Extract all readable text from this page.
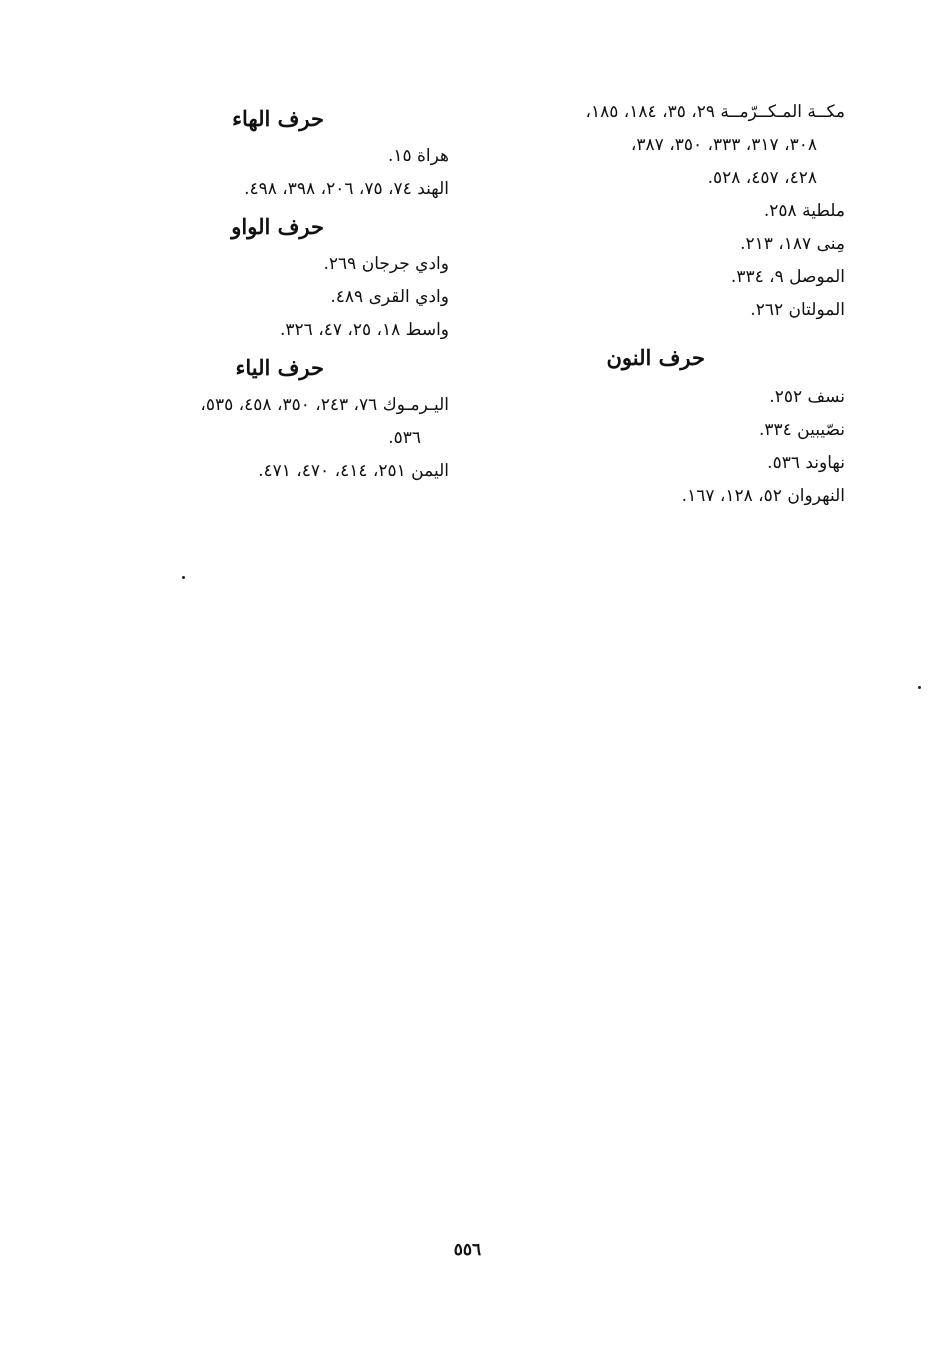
مكــة المـكــرّمــة ٢٩، ٣٥، ١٨٤، ١٨٥،
٣٠٨، ٣١٧، ٣٣٣، ٣٥٠، ٣٨٧،
٤٢٨، ٤٥٧، ٥٢٨.

ملطية ٢٥٨.

مِنى ١٨٧، ٢١٣.

الموصل ٩، ٣٣٤.

المولتان ٢٦٢.

حرف النون

نسف ٢٥٢.

نصّيبين ٣٣٤.

نهاوند ٥٣٦.

النهروان ٥٢، ١٢٨، ١٦٧.

حرف الهاء

هراة ١٥.

الهند ٧٤، ٧٥، ٢٠٦، ٣٩٨، ٤٩٨.

حرف الواو

وادي جرجان ٢٦٩.

وادي القرى ٤٨٩.

واسط ١٨، ٢٥، ٤٧، ٣٢٦.

حرف الياء

اليـرمـوك ٧٦، ٢٤٣، ٣٥٠، ٤٥٨، ٥٣٥،
٥٣٦.

اليمن ٢٥١، ٤١٤، ٤٧٠، ٤٧١.

٥٥٦
